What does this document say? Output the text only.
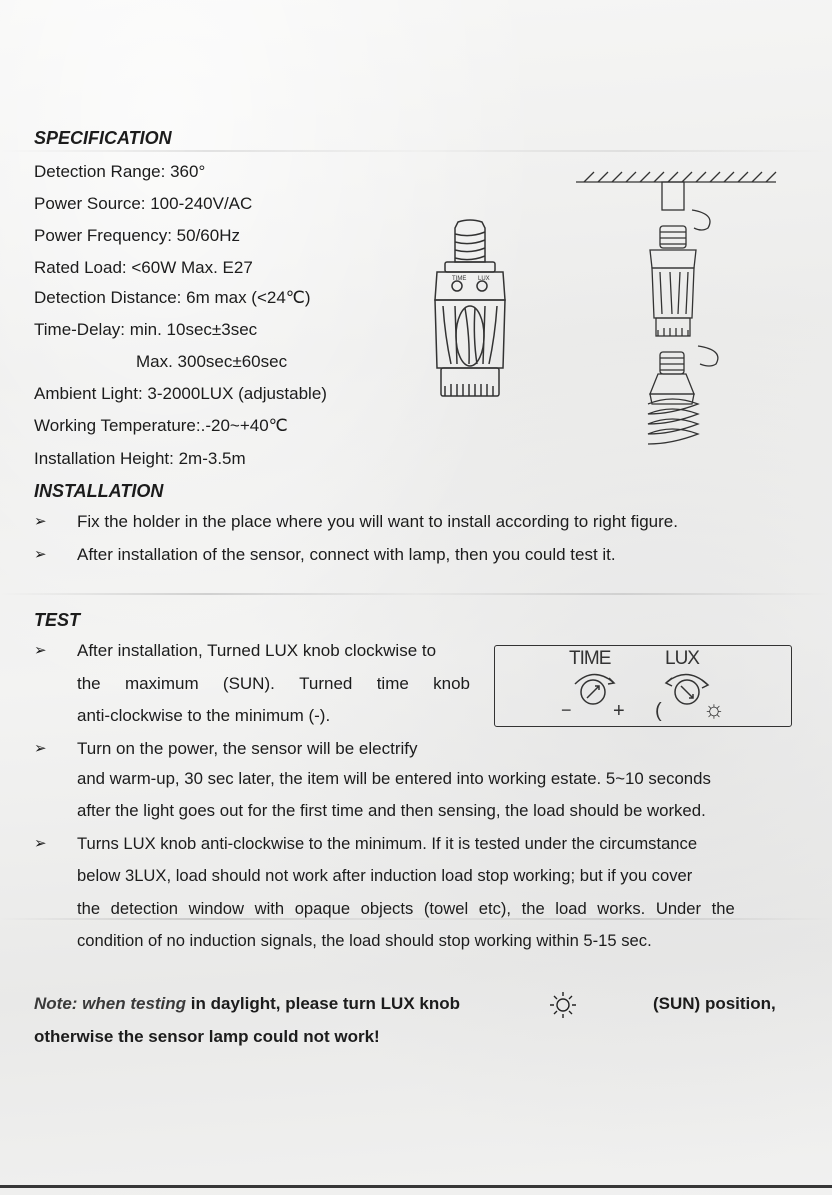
SPECIFICATION
Detection Range: 360°
Power Source: 100-240V/AC
Power Frequency: 50/60Hz
Rated Load: <60W Max. E27
Detection Distance: 6m max (<24℃)
Time-Delay: min. 10sec±3sec
Max. 300sec±60sec
Ambient Light: 3-2000LUX (adjustable)
Working Temperature:.-20~+40℃
Installation Height: 2m-3.5m
TIME LUX
INSTALLATION
➢ Fix the holder in the place where you will want to install according to right figure.
➢ After installation of the sensor, connect with lamp, then you could test it.
TEST
➢ After installation, Turned LUX knob clockwise to
the maximum (SUN). Turned time knob
anti-clockwise to the minimum (-).
TIME	LUX
− + ( ☼
➢ Turn on the power, the sensor will be electrify
and warm-up, 30 sec later, the item will be entered into working estate. 5~10 seconds
after the light goes out for the first time and then sensing, the load should be worked.
➢ Turns LUX knob anti-clockwise to the minimum. If it is tested under the circumstance
below 3LUX, load should not work after induction load stop working; but if you cover
the detection window with opaque objects (towel etc), the load works. Under the
condition of no induction signals, the load should stop working within 5-15 sec.
Note: when testing in daylight, please turn LUX knob	(SUN) position,
otherwise the sensor lamp could not work!
